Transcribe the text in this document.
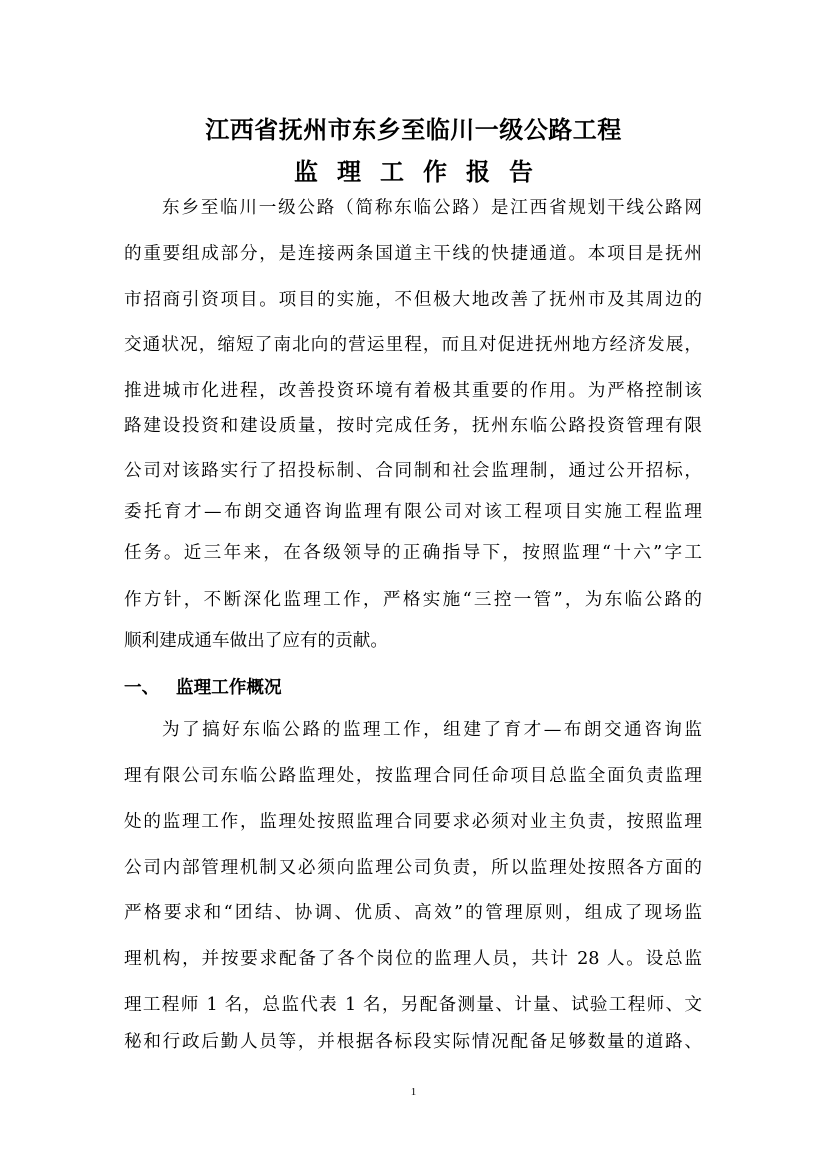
江西省抚州市东乡至临川一级公路工程
监理工作报告
东乡至临川一级公路（简称东临公路）是江西省规划干线公路网
的重要组成部分，是连接两条国道主干线的快捷通道。本项目是抚州
市招商引资项目。项目的实施，不但极大地改善了抚州市及其周边的
交通状况，缩短了南北向的营运里程，而且对促进抚州地方经济发展，
推进城市化进程，改善投资环境有着极其重要的作用。为严格控制该
路建设投资和建设质量，按时完成任务，抚州东临公路投资管理有限
公司对该路实行了招投标制、合同制和社会监理制，通过公开招标，
委托育才—布朗交通咨询监理有限公司对该工程项目实施工程监理
任务。近三年来，在各级领导的正确指导下，按照监理“十六”字工
作方针，不断深化监理工作，严格实施“三控一管”，为东临公路的
顺利建成通车做出了应有的贡献。
一、 监理工作概况
为了搞好东临公路的监理工作，组建了育才—布朗交通咨询监
理有限公司东临公路监理处，按监理合同任命项目总监全面负责监理
处的监理工作，监理处按照监理合同要求必须对业主负责，按照监理
公司内部管理机制又必须向监理公司负责，所以监理处按照各方面的
严格要求和“团结、协调、优质、高效”的管理原则，组成了现场监
理机构，并按要求配备了各个岗位的监理人员，共计 28 人。设总监
理工程师 1 名，总监代表 1 名，另配备测量、计量、试验工程师、文
秘和行政后勤人员等，并根据各标段实际情况配备足够数量的道路、
1
